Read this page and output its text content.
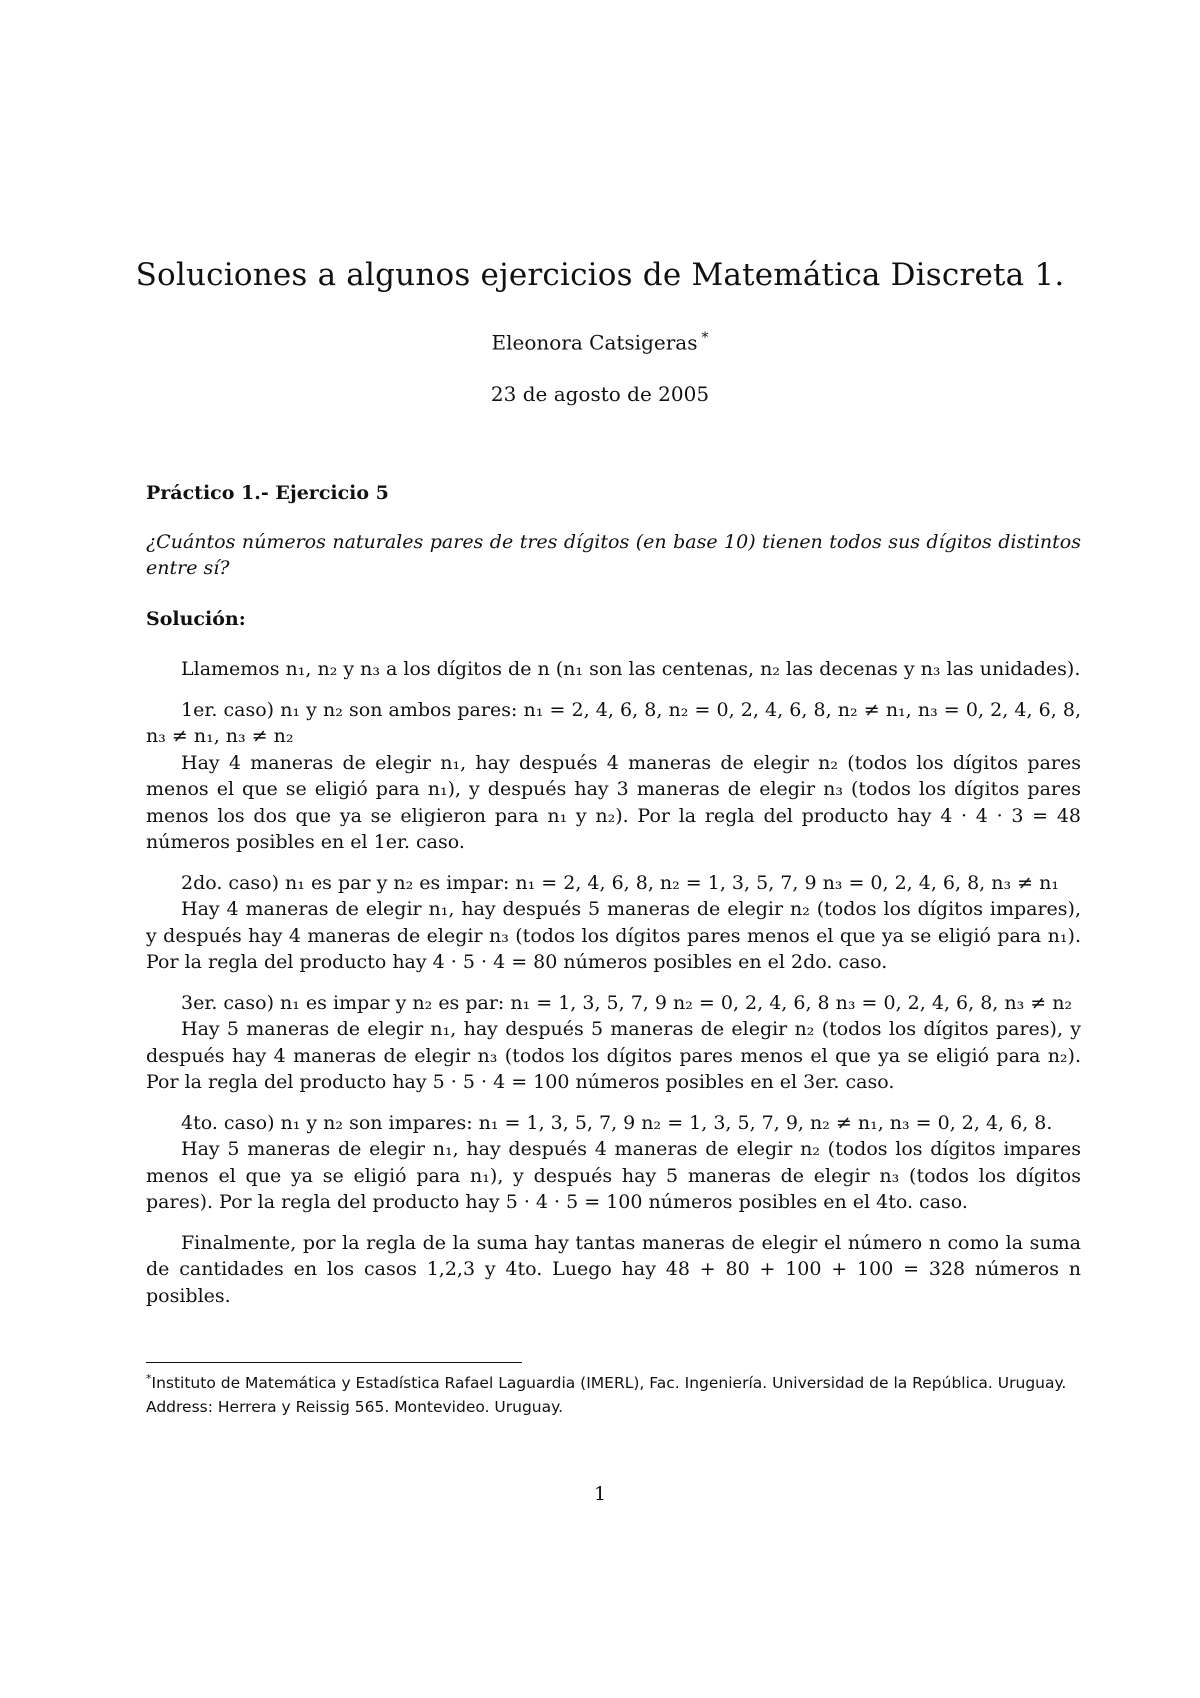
Soluciones a algunos ejercicios de Matemática Discreta 1.
Eleonora Catsigeras *
23 de agosto de 2005

Práctico 1.- Ejercicio 5

¿Cuántos números naturales pares de tres dígitos (en base 10) tienen todos sus dígitos distintos entre sí?

Solución:

Llamemos n₁, n₂ y n₃ a los dígitos de n (n₁ son las centenas, n₂ las decenas y n₃ las unidades).

1er. caso) n₁ y n₂ son ambos pares: n₁ = 2, 4, 6, 8, n₂ = 0, 2, 4, 6, 8, n₂ ≠ n₁, n₃ = 0, 2, 4, 6, 8, n₃ ≠ n₁, n₃ ≠ n₂

Hay 4 maneras de elegir n₁, hay después 4 maneras de elegir n₂ (todos los dígitos pares menos el que se eligió para n₁), y después hay 3 maneras de elegir n₃ (todos los dígitos pares menos los dos que ya se eligieron para n₁ y n₂). Por la regla del producto hay 4 · 4 · 3 = 48 números posibles en el 1er. caso.

2do. caso) n₁ es par y n₂ es impar: n₁ = 2, 4, 6, 8, n₂ = 1, 3, 5, 7, 9 n₃ = 0, 2, 4, 6, 8, n₃ ≠ n₁

Hay 4 maneras de elegir n₁, hay después 5 maneras de elegir n₂ (todos los dígitos impares), y después hay 4 maneras de elegir n₃ (todos los dígitos pares menos el que ya se eligió para n₁). Por la regla del producto hay 4 · 5 · 4 = 80 números posibles en el 2do. caso.

3er. caso) n₁ es impar y n₂ es par: n₁ = 1, 3, 5, 7, 9 n₂ = 0, 2, 4, 6, 8 n₃ = 0, 2, 4, 6, 8, n₃ ≠ n₂

Hay 5 maneras de elegir n₁, hay después 5 maneras de elegir n₂ (todos los dígitos pares), y después hay 4 maneras de elegir n₃ (todos los dígitos pares menos el que ya se eligió para n₂). Por la regla del producto hay 5 · 5 · 4 = 100 números posibles en el 3er. caso.

4to. caso) n₁ y n₂ son impares: n₁ = 1, 3, 5, 7, 9 n₂ = 1, 3, 5, 7, 9, n₂ ≠ n₁, n₃ = 0, 2, 4, 6, 8.

Hay 5 maneras de elegir n₁, hay después 4 maneras de elegir n₂ (todos los dígitos impares menos el que ya se eligió para n₁), y después hay 5 maneras de elegir n₃ (todos los dígitos pares). Por la regla del producto hay 5 · 4 · 5 = 100 números posibles en el 4to. caso.

Finalmente, por la regla de la suma hay tantas maneras de elegir el número n como la suma de cantidades en los casos 1,2,3 y 4to. Luego hay 48 + 80 + 100 + 100 = 328 números n posibles.

*Instituto de Matemática y Estadística Rafael Laguardia (IMERL), Fac. Ingeniería. Universidad de la República. Uruguay. Address: Herrera y Reissig 565. Montevideo. Uruguay.
1
